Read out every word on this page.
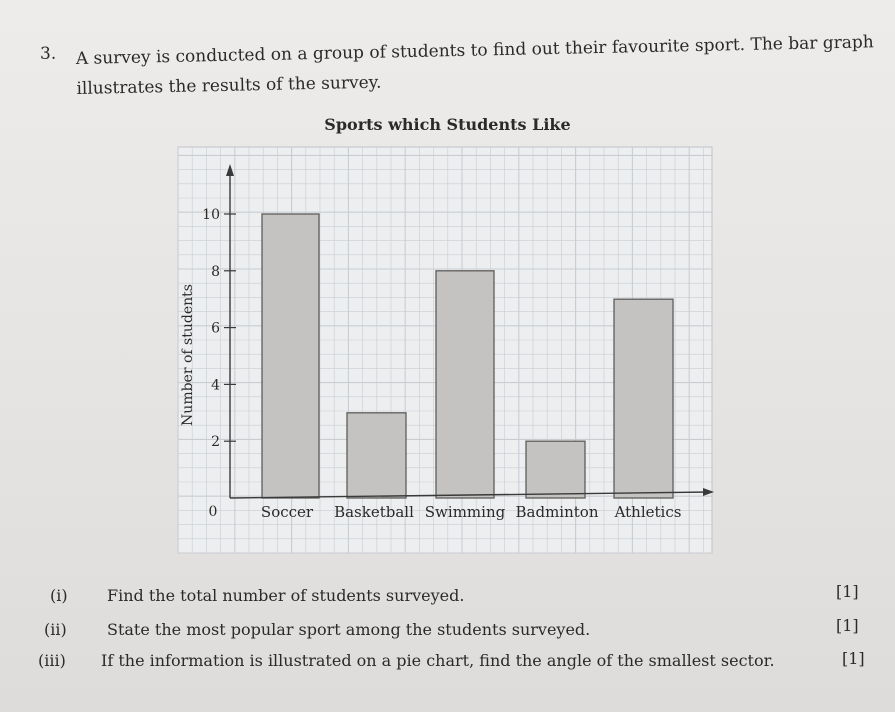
3. A survey is conducted on a group of students to find out their favourite sport. The bar graph
illustrates the results of the survey.
Sports which Students Like
2
4
6
8
10
0
Number of students
Soccer Basketball Swimming Badminton Athletics
(i) Find the total number of students surveyed.	[1]
(ii)	State the most popular sport among the students surveyed.	[1]
(iii) If the information is illustrated on a pie chart, find the angle of the smallest sector.	[1]
